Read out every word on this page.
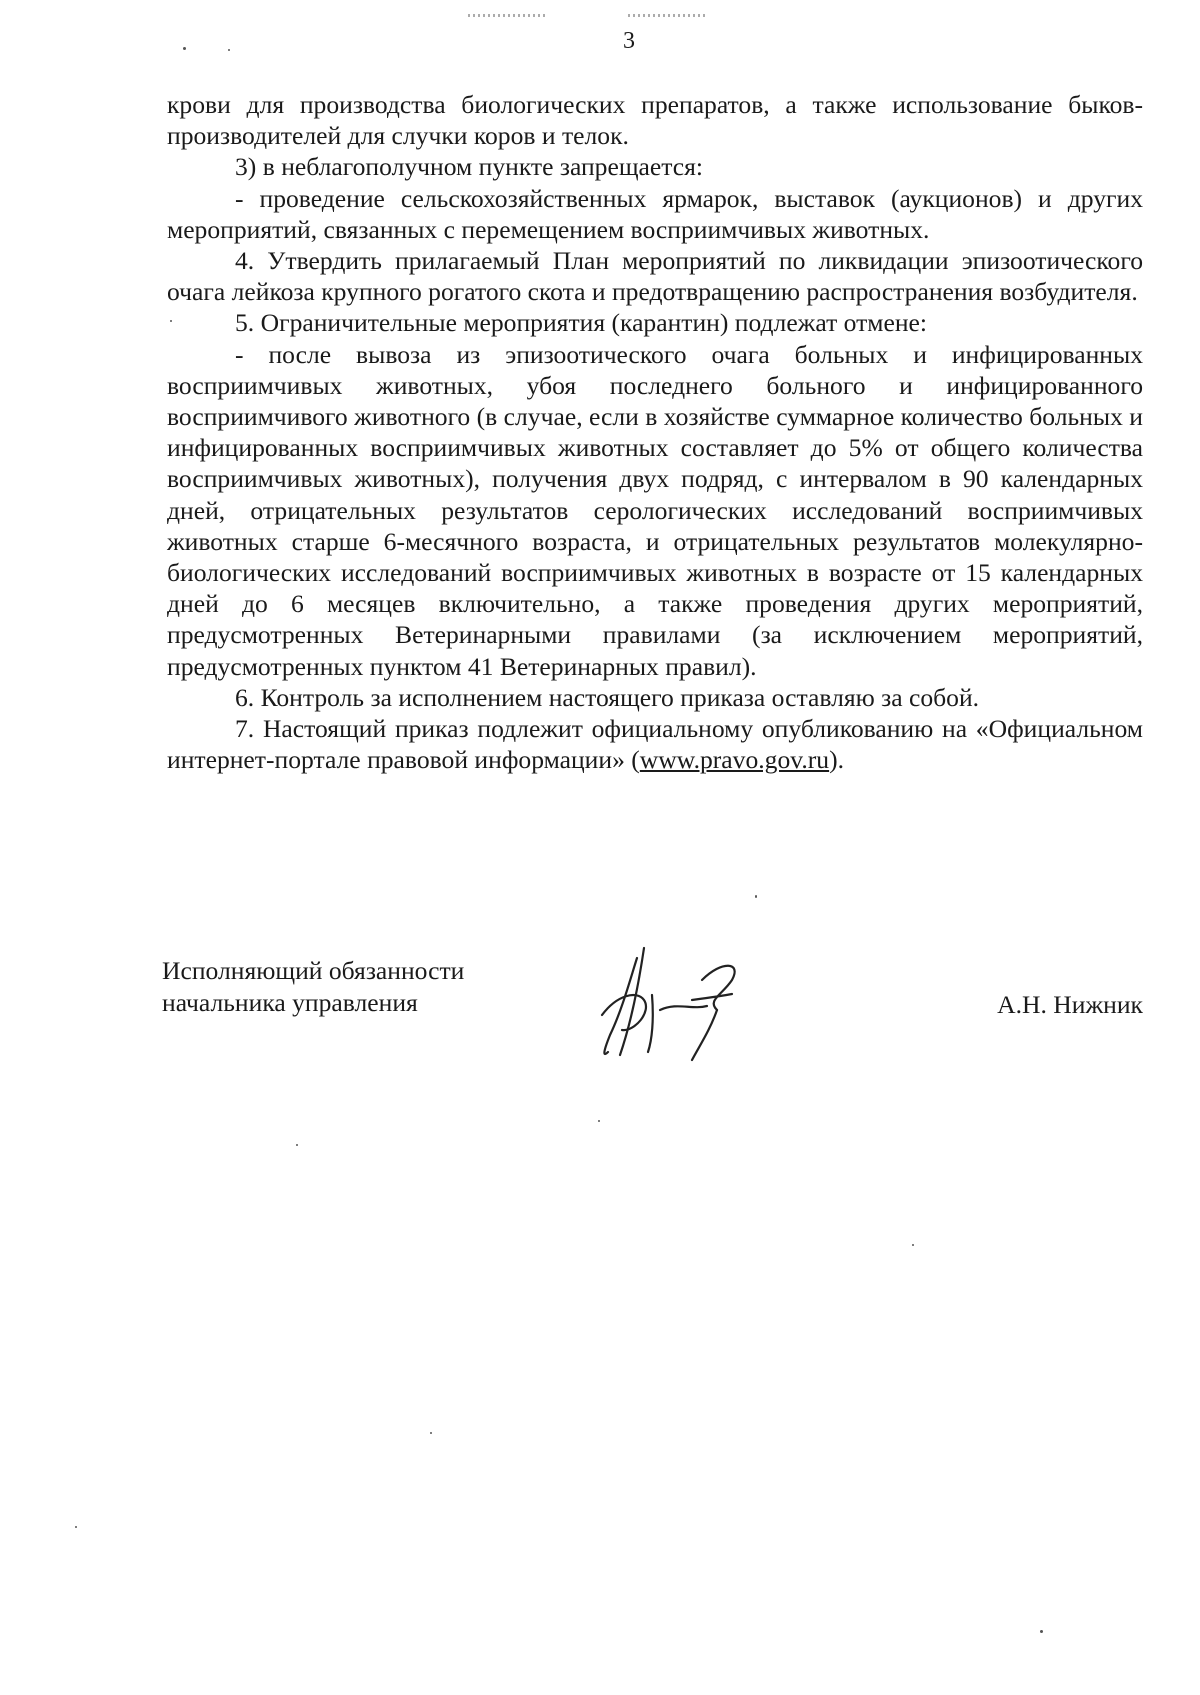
3

крови для производства биологических препаратов, а также использование быков-производителей для случки коров и телок.

3) в неблагополучном пункте запрещается:

- проведение сельскохозяйственных ярмарок, выставок (аукционов) и других мероприятий, связанных с перемещением восприимчивых животных.

4. Утвердить прилагаемый План мероприятий по ликвидации эпизоотического очага лейкоза крупного рогатого скота и предотвращению распространения возбудителя.

5. Ограничительные мероприятия (карантин) подлежат отмене:

- после вывоза из эпизоотического очага больных и инфицированных восприимчивых животных, убоя последнего больного и инфицированного восприимчивого животного (в случае, если в хозяйстве суммарное количество больных и инфицированных восприимчивых животных составляет до 5% от общего количества восприимчивых животных), получения двух подряд, с интервалом в 90 календарных дней, отрицательных результатов серологических исследований восприимчивых животных старше 6-месячного возраста, и отрицательных результатов молекулярно-биологических исследований восприимчивых животных в возрасте от 15 календарных дней до 6 месяцев включительно, а также проведения других мероприятий, предусмотренных Ветеринарными правилами (за исключением мероприятий, предусмотренных пунктом 41 Ветеринарных правил).

6. Контроль за исполнением настоящего приказа оставляю за собой.

7. Настоящий приказ подлежит официальному опубликованию на «Официальном интернет-портале правовой информации» (www.pravo.gov.ru).

Исполняющий обязанности
начальника управления	А.Н. Нижник
